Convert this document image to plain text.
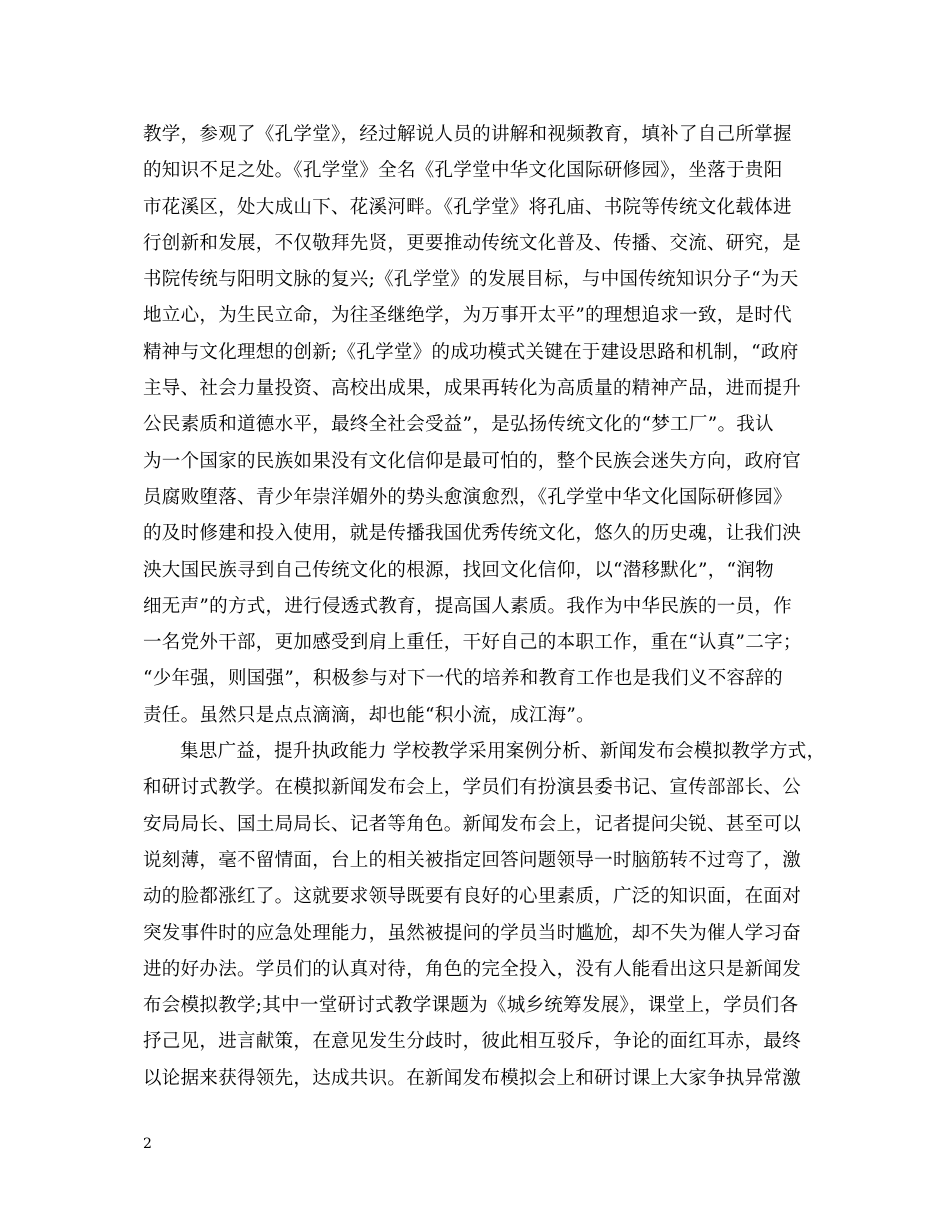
教学，参观了《孔学堂》，经过解说人员的讲解和视频教育，填补了自己所掌握
的知识不足之处。《孔学堂》全名《孔学堂中华文化国际研修园》，坐落于贵阳
市花溪区，处大成山下、花溪河畔。《孔学堂》将孔庙、书院等传统文化载体进
行创新和发展，不仅敬拜先贤，更要推动传统文化普及、传播、交流、研究，是
书院传统与阳明文脉的复兴;《孔学堂》的发展目标，与中国传统知识分子“为天
地立心，为生民立命，为往圣继绝学，为万事开太平”的理想追求一致，是时代
精神与文化理想的创新;《孔学堂》的成功模式关键在于建设思路和机制，“政府
主导、社会力量投资、高校出成果，成果再转化为高质量的精神产品，进而提升
公民素质和道德水平，最终全社会受益”，是弘扬传统文化的“梦工厂”。我认
为一个国家的民族如果没有文化信仰是最可怕的，整个民族会迷失方向，政府官
员腐败堕落、青少年崇洋媚外的势头愈演愈烈，《孔学堂中华文化国际研修园》
的及时修建和投入使用，就是传播我国优秀传统文化，悠久的历史魂，让我们泱
泱大国民族寻到自己传统文化的根源，找回文化信仰，以“潜移默化”，“润物
细无声”的方式，进行侵透式教育，提高国人素质。我作为中华民族的一员，作
一名党外干部，更加感受到肩上重任，干好自己的本职工作，重在“认真”二字；
“少年强，则国强”，积极参与对下一代的培养和教育工作也是我们义不容辞的
责任。虽然只是点点滴滴，却也能“积小流，成江海”。
集思广益，提升执政能力 学校教学采用案例分析、新闻发布会模拟教学方式，
和研讨式教学。在模拟新闻发布会上，学员们有扮演县委书记、宣传部部长、公
安局局长、国土局局长、记者等角色。新闻发布会上，记者提问尖锐、甚至可以
说刻薄，毫不留情面，台上的相关被指定回答问题领导一时脑筋转不过弯了，激
动的脸都涨红了。这就要求领导既要有良好的心里素质，广泛的知识面，在面对
突发事件时的应急处理能力，虽然被提问的学员当时尴尬，却不失为催人学习奋
进的好办法。学员们的认真对待，角色的完全投入，没有人能看出这只是新闻发
布会模拟教学;其中一堂研讨式教学课题为《城乡统筹发展》，课堂上，学员们各
抒己见，进言献策，在意见发生分歧时，彼此相互驳斥，争论的面红耳赤，最终
以论据来获得领先，达成共识。在新闻发布模拟会上和研讨课上大家争执异常激
2
